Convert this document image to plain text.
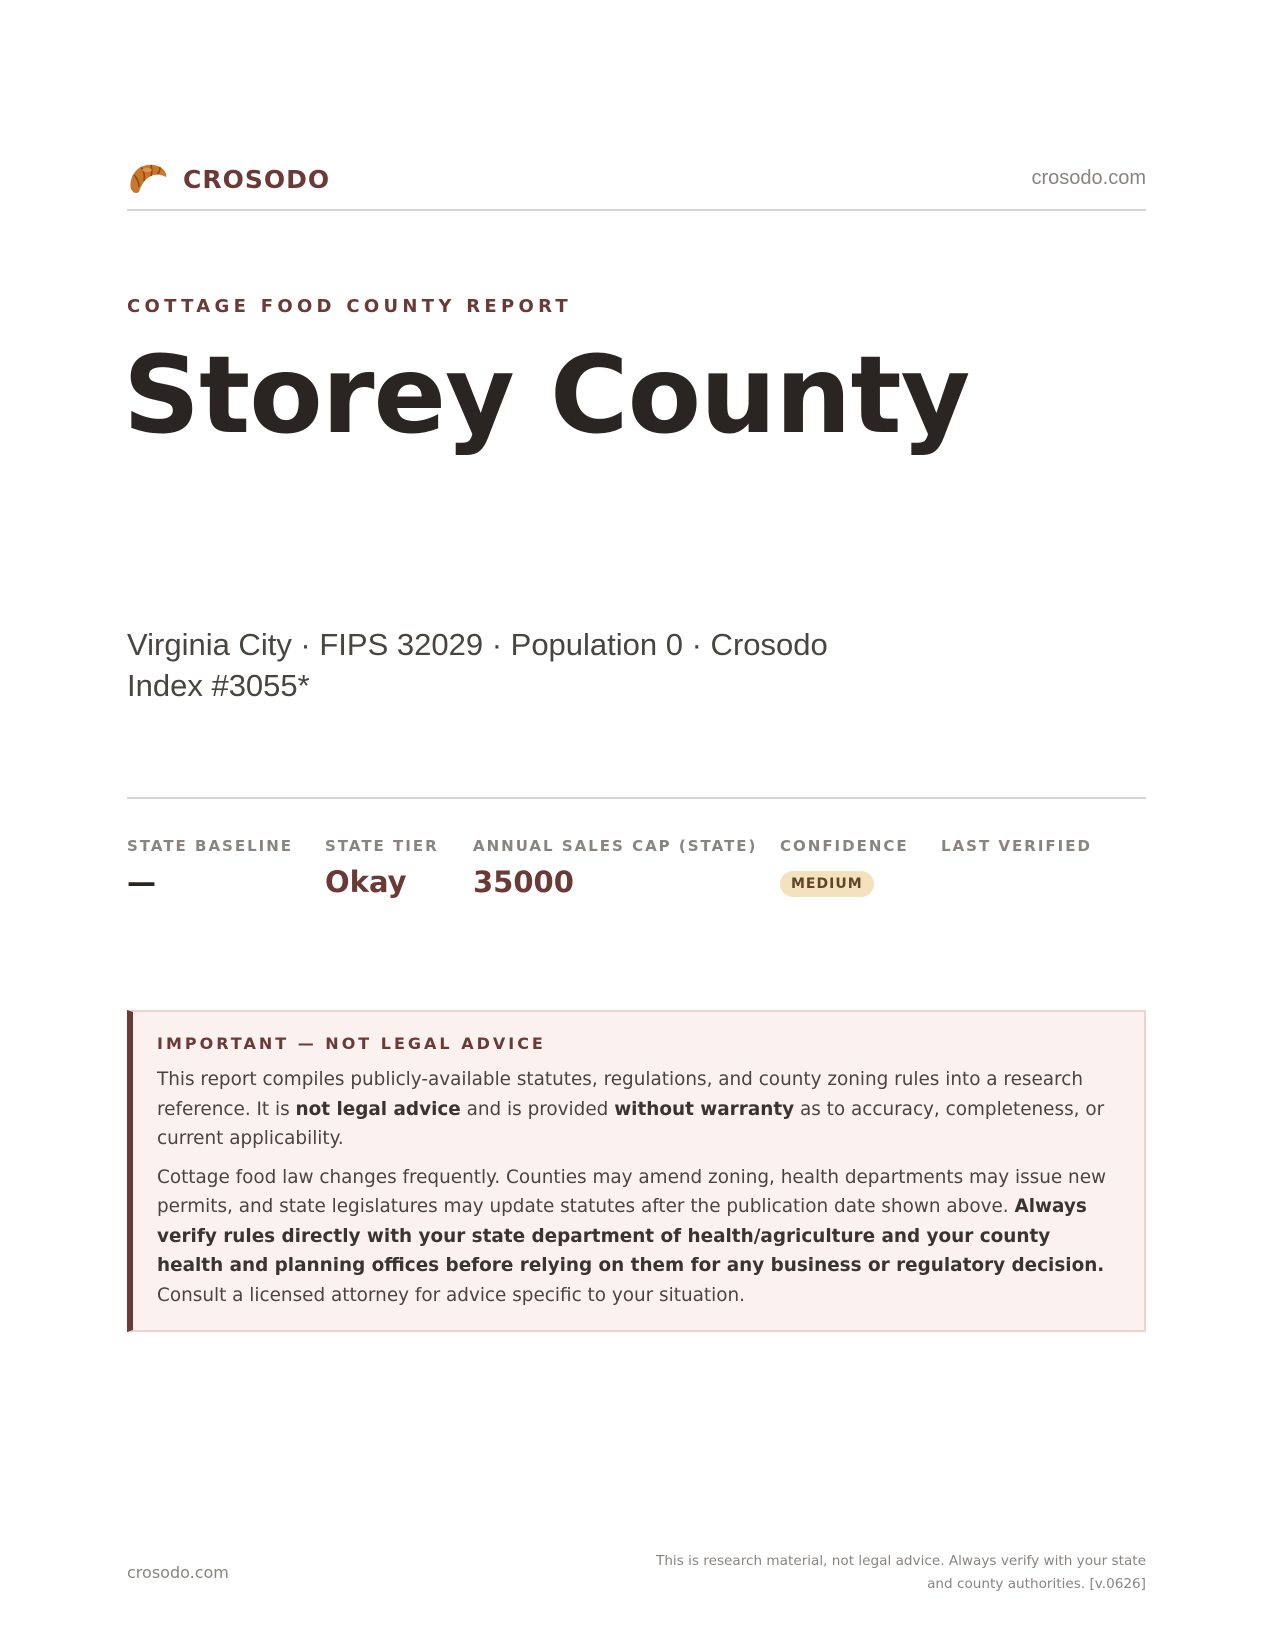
CROSODO	crosodo.com
COTTAGE FOOD COUNTY REPORT
Storey County
Virginia City · FIPS 32029 · Population 0 · Crosodo Index #3055*
STATE BASELINE
—
STATE TIER
Okay
ANNUAL SALES CAP (STATE)
35000
CONFIDENCE
MEDIUM
LAST VERIFIED
IMPORTANT — NOT LEGAL ADVICE

This report compiles publicly-available statutes, regulations, and county zoning rules into a research reference. It is not legal advice and is provided without warranty as to accuracy, completeness, or current applicability.

Cottage food law changes frequently. Counties may amend zoning, health departments may issue new permits, and state legislatures may update statutes after the publication date shown above. Always verify rules directly with your state department of health/agriculture and your county health and planning offices before relying on them for any business or regulatory decision. Consult a licensed attorney for advice specific to your situation.

crosodo.com
This is research material, not legal advice. Always verify with your state
and county authorities. [v.0626]
